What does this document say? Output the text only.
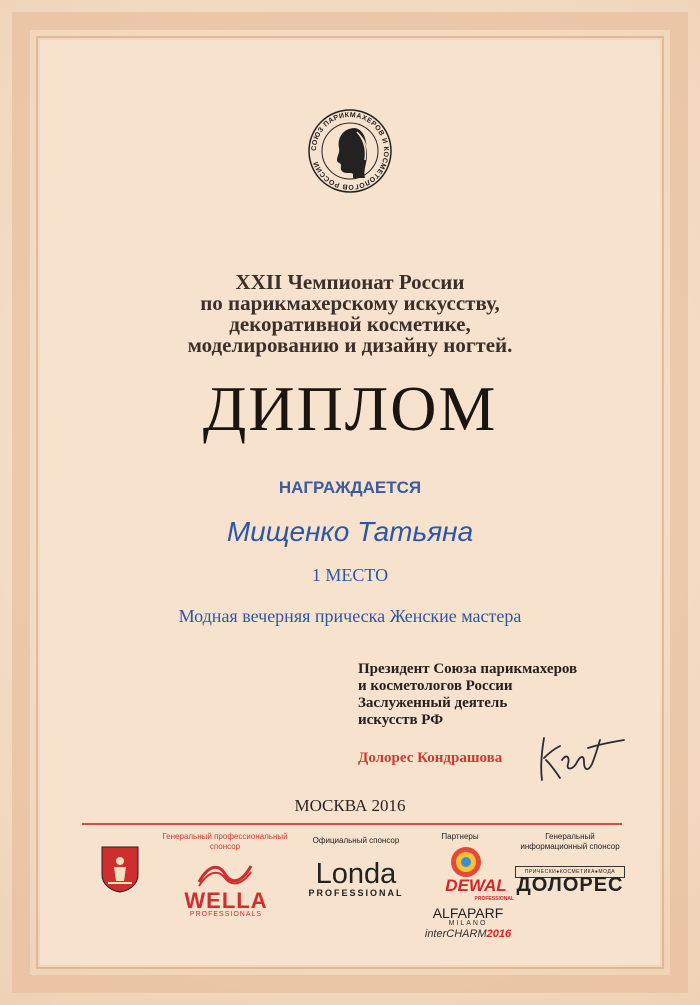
СОЮЗ ПАРИКМАХЕРОВ И КОСМЕТОЛОГОВ РОССИИ
XXII Чемпионат России
по парикмахерскому искусству,
декоративной косметике,
моделированию и дизайну ногтей.
ДИПЛОМ
НАГРАЖДАЕТСЯ
Мищенко Татьяна
1 МЕСТО
Модная вечерняя прическа Женские мастера
Президент Союза парикмахеров
и косметологов России
Заслуженный деятель
искусств РФ
Долорес Кондрашова
МОСКВА 2016
Генеральный профессиональный
спонсор
WELLA
PROFESSIONALS
Официальный спонсор
Londa
PROFESSIONAL
Партнеры
DEWAL
PROFESSIONAL
ALFAPARF
MILANO
interCHARM2016
Генеральный
информационный спонсор
ПРИЧЕСКИ●КОСМЕТИКА●МОДА
ДОЛОРЕС
